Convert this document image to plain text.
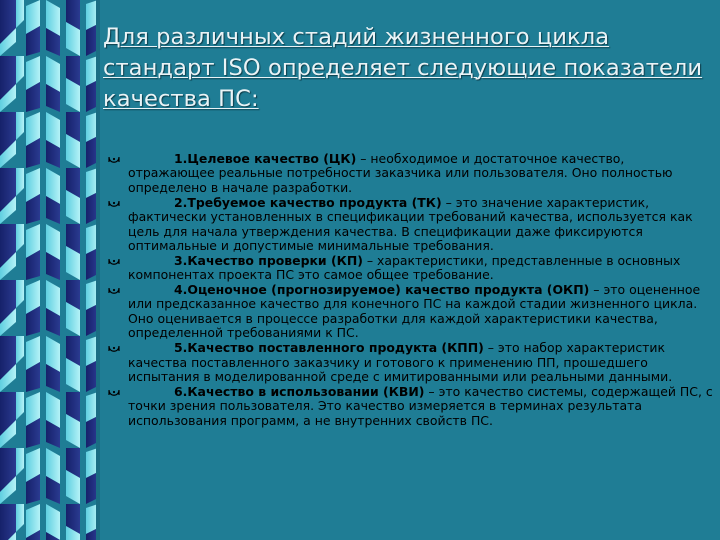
Для различных стадий жизненного цикла стандарт ISO определяет следующие показатели качества ПС:
1.Целевое качество (ЦК) – необходимое и достаточное качество, отражающее реальные потребности заказчика или пользователя. Оно полностью определено в начале разработки.
2.Требуемое качество продукта (ТК) – это значение характеристик, фактически установленных в спецификации требований качества, используется как цель для начала утверждения качества. В спецификации даже фиксируются оптимальные и допустимые минимальные требования.
3.Качество проверки (КП) – характеристики, представленные в основных компонентах проекта ПС это самое общее требование.
4.Оценочное (прогнозируемое) качество продукта (ОКП) – это оцененное или предсказанное качество для конечного ПС на каждой стадии жизненного цикла. Оно оценивается в процессе разработки для каждой характеристики качества, определенной требованиями к ПС.
5.Качество поставленного продукта (КПП) – это набор характеристик качества поставленного заказчику и готового к применению ПП, прошедшего испытания в моделированной среде с имитированными или реальными данными.
6.Качество в использовании (КВИ) – это качество системы, содержащей ПС, с точки зрения пользователя. Это качество измеряется в терминах результата использования программ, а не внутренних свойств ПС.
